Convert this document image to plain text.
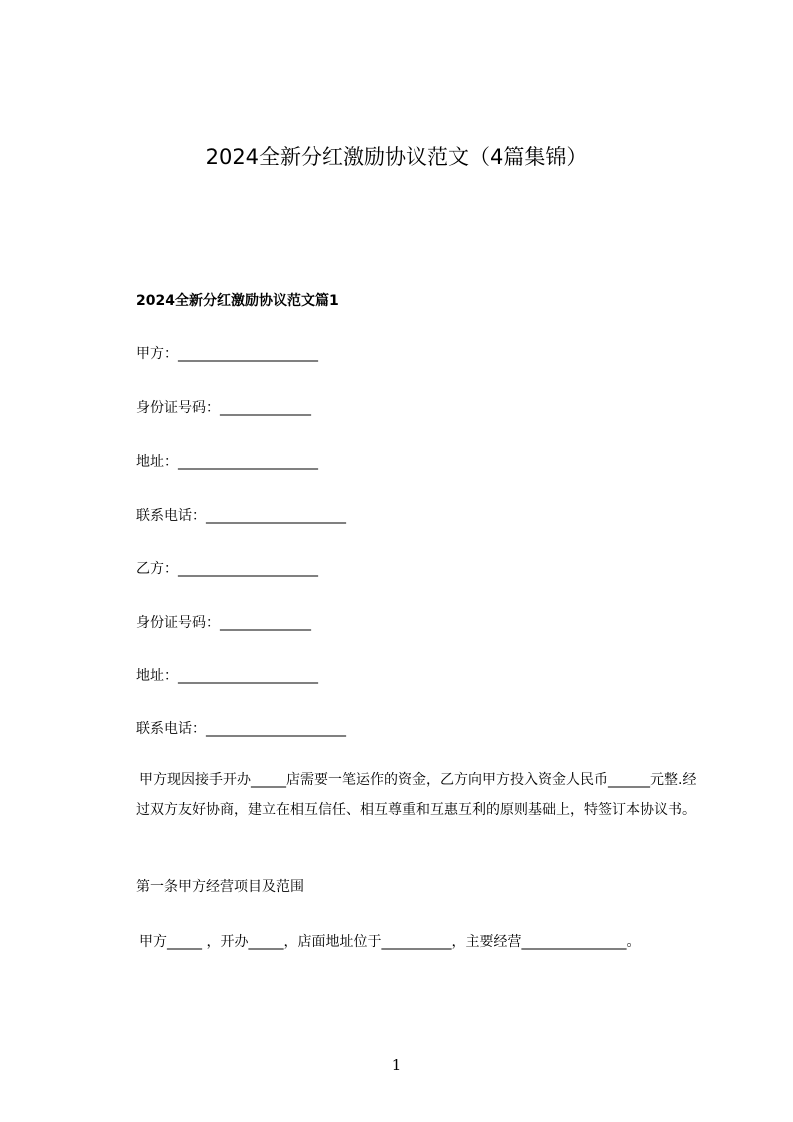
2024全新分红激励协议范文（4篇集锦）
2024全新分红激励协议范文篇1
甲方：____________________
身份证号码：_____________
地址：____________________
联系电话：____________________
乙方：____________________
身份证号码：_____________
地址：____________________
联系电话：____________________

甲方现因接手开办_____店需要一笔运作的资金，乙方向甲方投入资金人民币______元整.经过双方友好协商，建立在相互信任、相互尊重和互惠互利的原则基础上，特签订本协议书。

第一条甲方经营项目及范围

甲方_____ ，开办_____，店面地址位于__________，主要经营_______________。

1
